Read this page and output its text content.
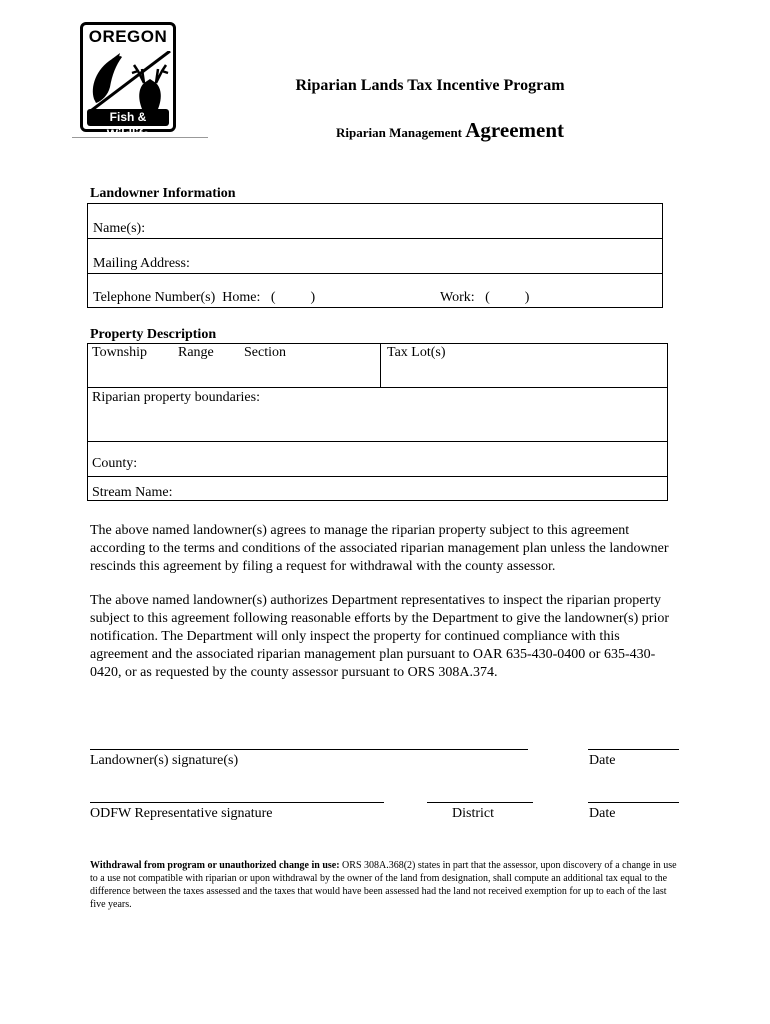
OREGON
Fish & Wildlife
Riparian Lands Tax Incentive Program
Riparian Management Agreement
Landowner Information
Name(s):
Mailing Address:
Telephone Number(s)  Home:   (          )	Work:   (          )
Property Description
Township Range Section	Tax Lot(s)
Riparian property boundaries:
County:
Stream Name:
The above named landowner(s) agrees to manage the riparian property subject to this agreement according to the terms and conditions of the associated riparian management plan unless the landowner rescinds this agreement by filing a request for withdrawal with the county assessor.
The above named landowner(s) authorizes Department representatives to inspect the riparian property subject to this agreement following reasonable efforts by the Department to give the landowner(s) prior notification. The Department will only inspect the property for continued compliance with this agreement and the associated riparian management plan pursuant to OAR 635-430-0400 or 635-430-0420, or as requested by the county assessor pursuant to ORS 308A.374.
Landowner(s) signature(s)	Date
ODFW Representative signature	District	Date
Withdrawal from program or unauthorized change in use: ORS 308A.368(2) states in part that the assessor, upon discovery of a change in use to a use not compatible with riparian or upon withdrawal by the owner of the land from designation, shall compute an additional tax equal to the difference between the taxes assessed and the taxes that would have been assessed had the land not received exemption for up to each of the last five years.
